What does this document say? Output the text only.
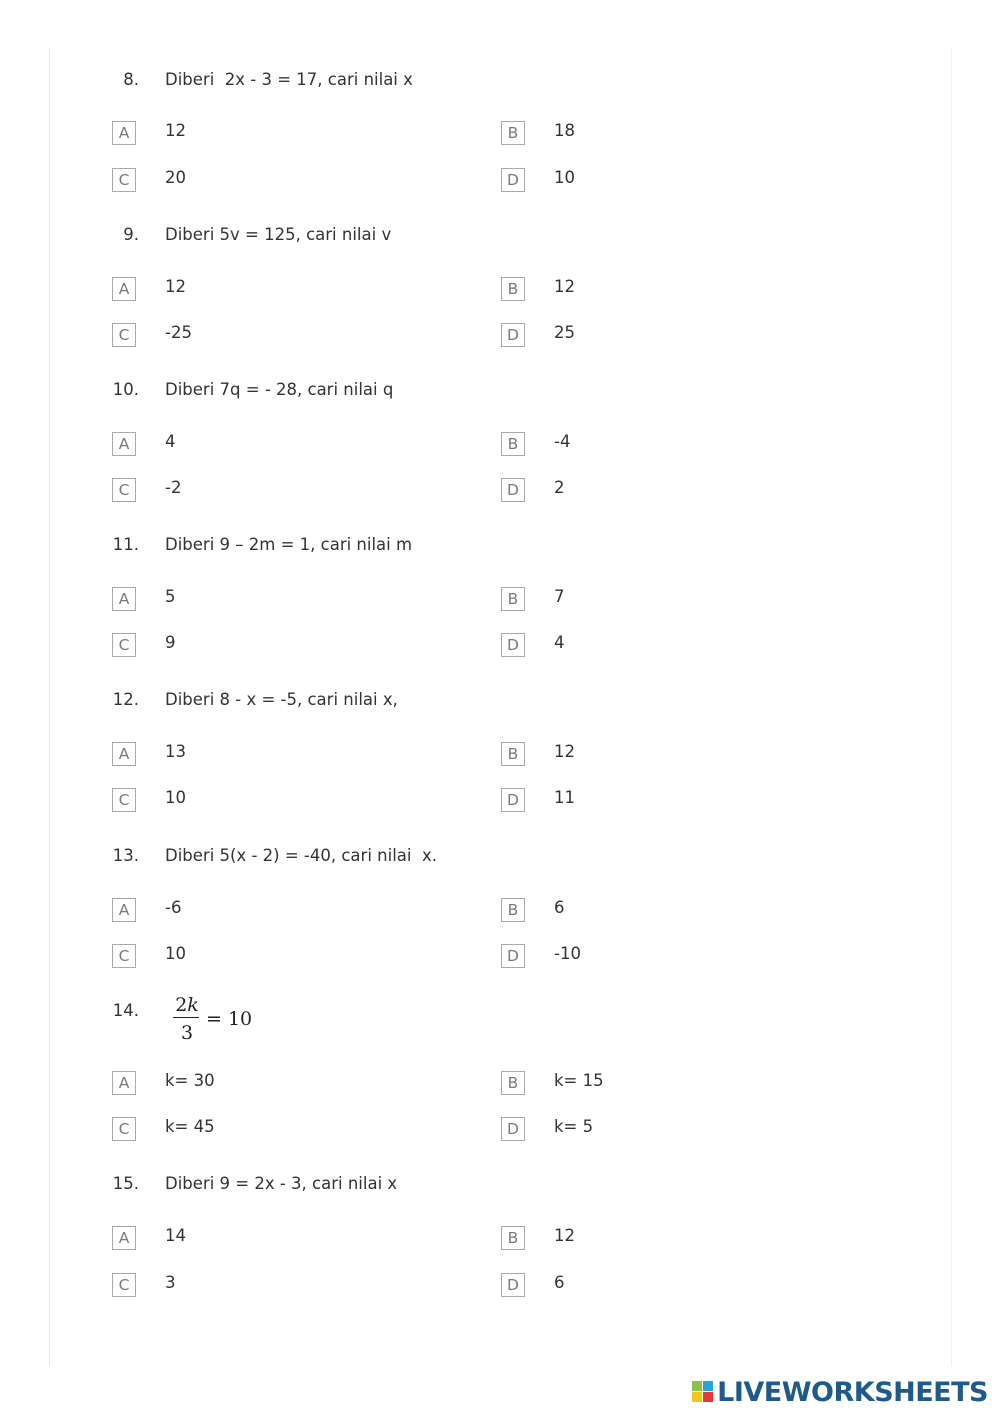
8. Diberi  2x - 3 = 17, cari nilai x
A	12	B	18
C	20	D	10
9. Diberi 5v = 125, cari nilai v
A	12	B	12
C	-25	D	25
10. Diberi 7q = - 28, cari nilai q
A	4	B	-4
C	-2	D	2
11. Diberi 9 – 2m = 1, cari nilai m
A	5	B	7
C	9	D	4
12. Diberi 8 - x = -5, cari nilai x,
A	13	B	12
C	10	D	11
13. Diberi 5(x - 2) = -40, cari nilai  x.
A	-6	B	6
C	10	D	-10
14. 2k
3
= 10
A	k= 30	B	k= 15
C	k= 45	D	k= 5
15. Diberi 9 = 2x - 3, cari nilai x
A	14	B	12
C	3	D	6
LIVEWORKSHEETS
